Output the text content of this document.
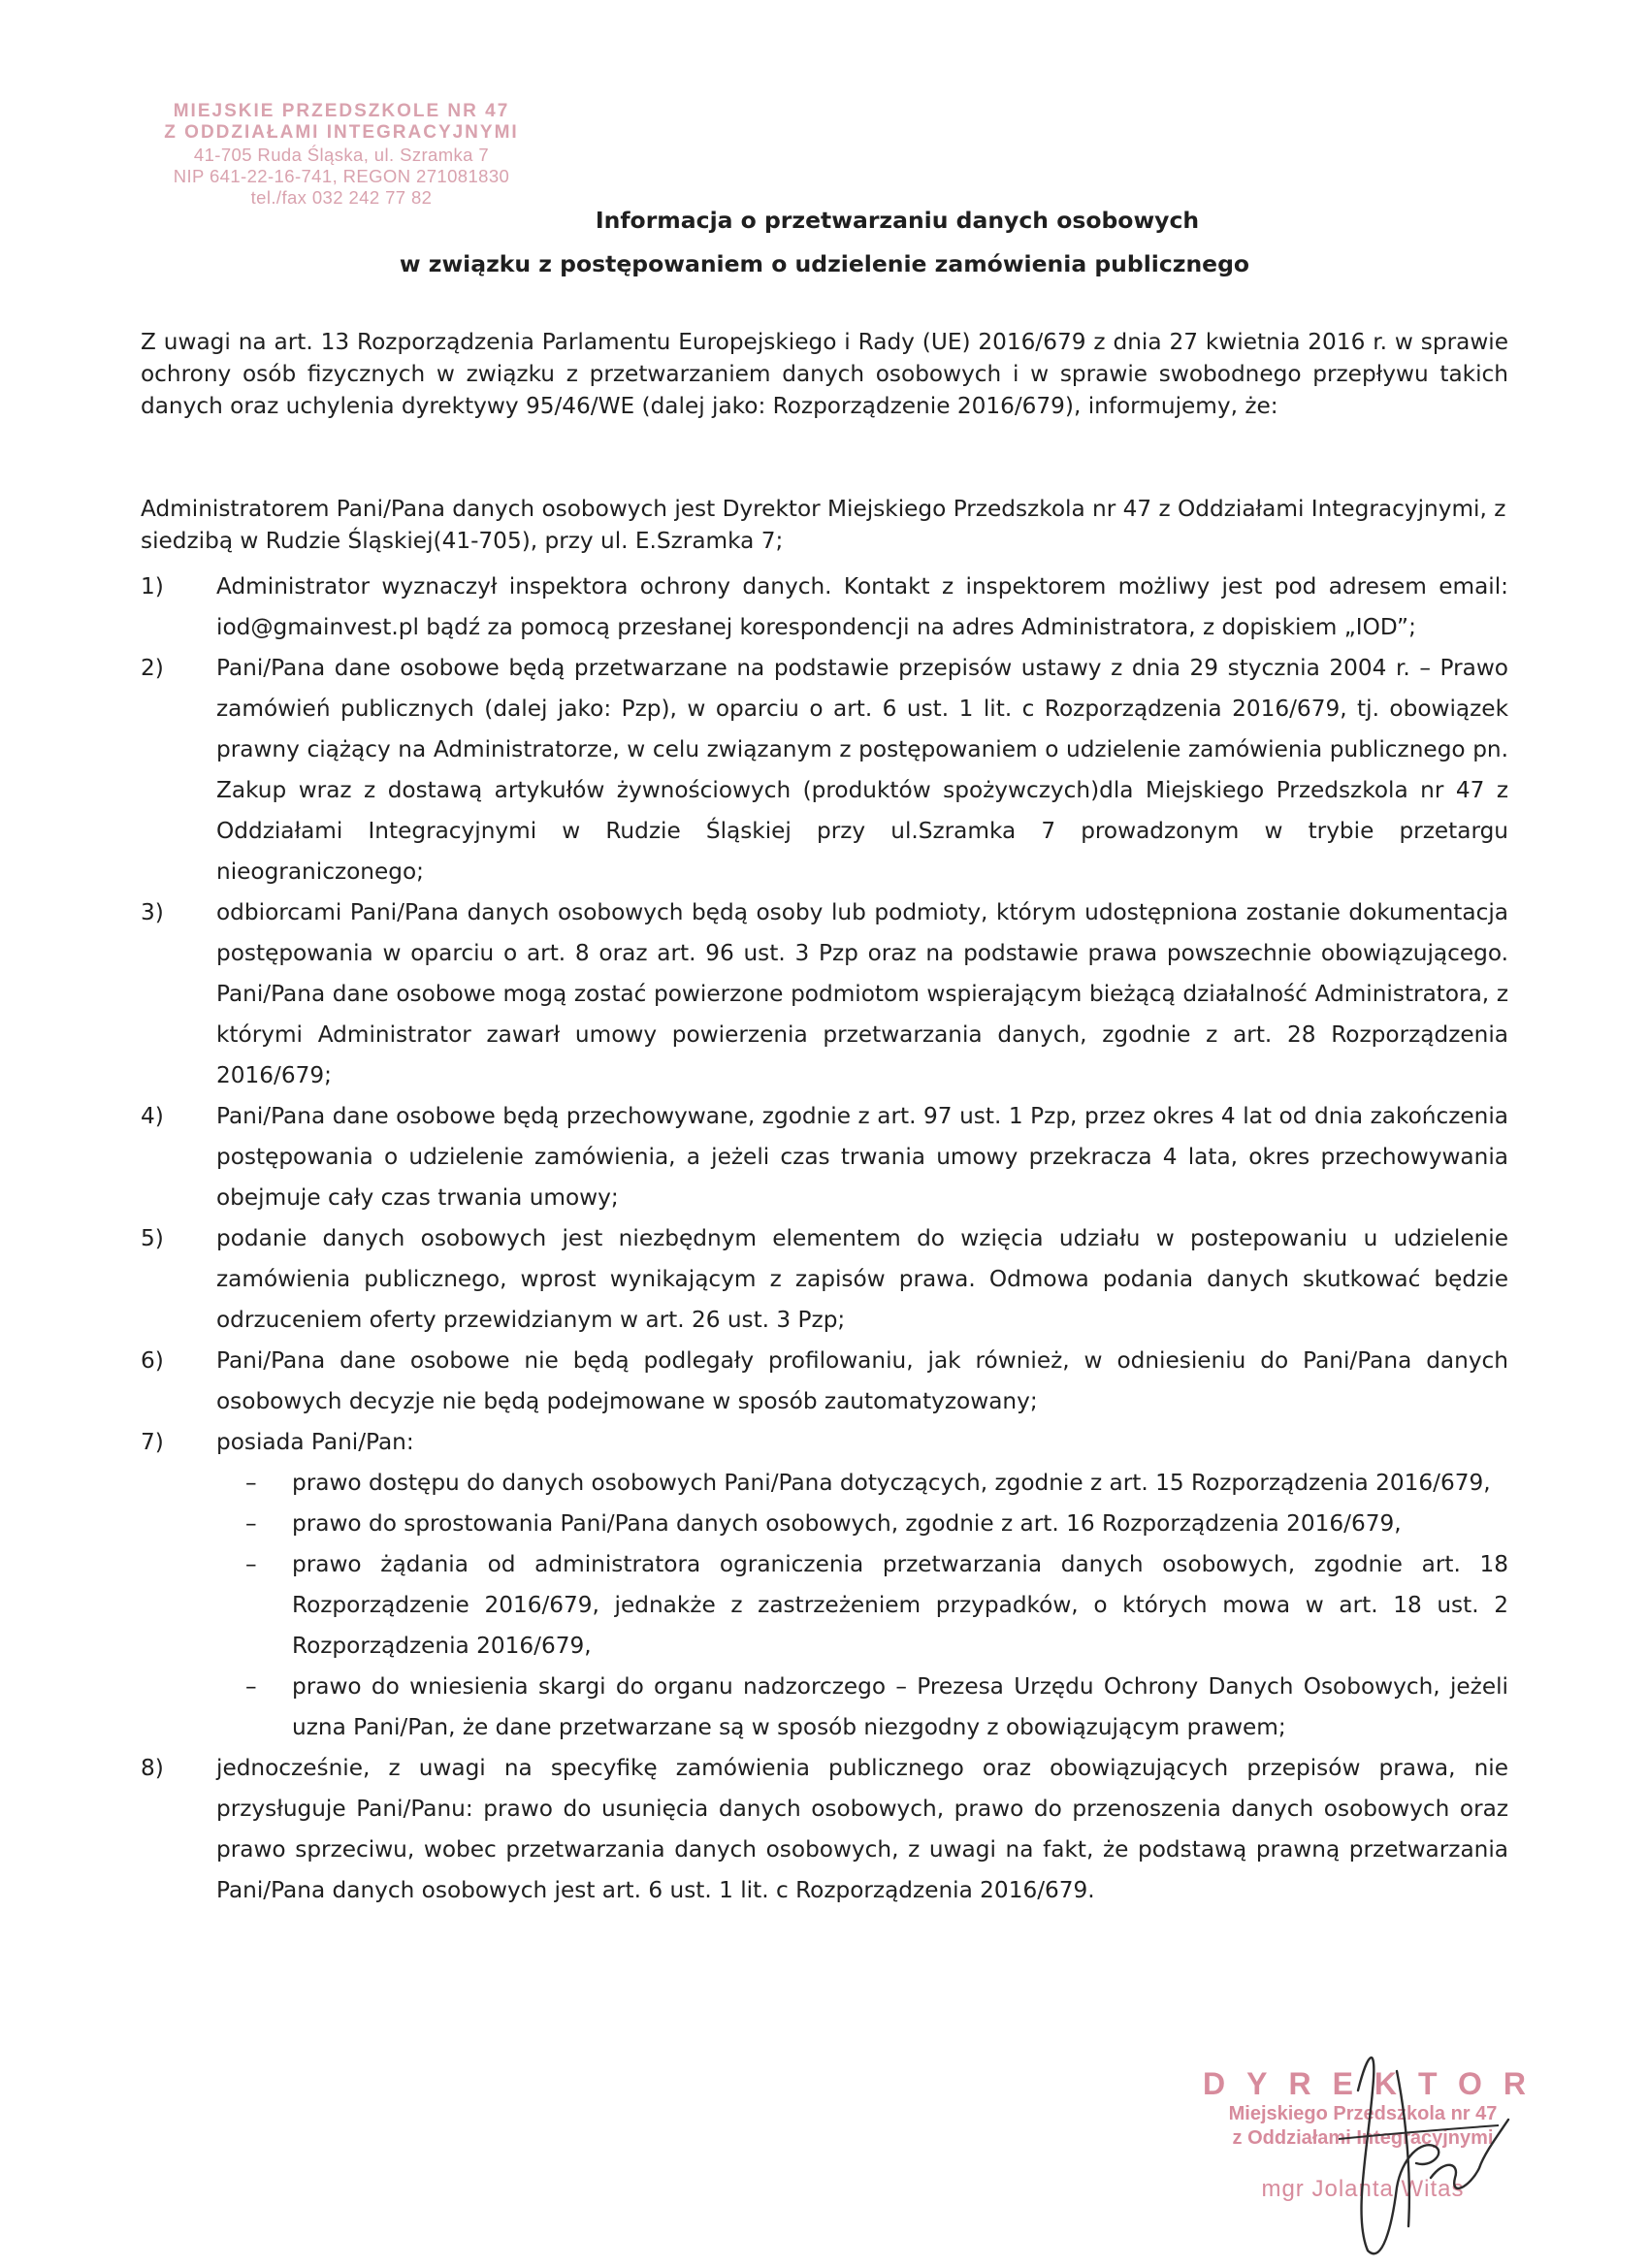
MIEJSKIE PRZEDSZKOLE NR 47
Z ODDZIAŁAMI INTEGRACYJNYMI
41-705 Ruda Śląska, ul. Szramka 7
NIP 641-22-16-741, REGON 271081830
tel./fax 032 242 77 82
Informacja o przetwarzaniu danych osobowych
w związku z postępowaniem o udzielenie zamówienia publicznego
Z uwagi na art. 13 Rozporządzenia Parlamentu Europejskiego i Rady (UE) 2016/679 z dnia 27 kwietnia 2016 r. w sprawie ochrony osób fizycznych w związku z przetwarzaniem danych osobowych i w sprawie swobodnego przepływu takich danych oraz uchylenia dyrektywy 95/46/WE (dalej jako: Rozporządzenie 2016/679), informujemy, że:
Administratorem Pani/Pana danych osobowych jest Dyrektor Miejskiego Przedszkola nr 47 z Oddziałami Integracyjnymi, z siedzibą w Rudzie Śląskiej(41-705), przy ul. E.Szramka 7;
1) Administrator wyznaczył inspektora ochrony danych. Kontakt z inspektorem możliwy jest pod adresem email: iod@gmainvest.pl bądź za pomocą przesłanej korespondencji na adres Administratora, z dopiskiem „IOD”;
2) Pani/Pana dane osobowe będą przetwarzane na podstawie przepisów ustawy z dnia 29 stycznia 2004 r. – Prawo zamówień publicznych (dalej jako: Pzp), w oparciu o art. 6 ust. 1 lit. c Rozporządzenia 2016/679, tj. obowiązek prawny ciążący na Administratorze, w celu związanym z postępowaniem o udzielenie zamówienia publicznego pn. Zakup wraz z dostawą artykułów żywnościowych (produktów spożywczych)dla Miejskiego Przedszkola nr 47 z Oddziałami Integracyjnymi w Rudzie Śląskiej przy ul.Szramka 7 prowadzonym w trybie przetargu nieograniczonego;
3) odbiorcami Pani/Pana danych osobowych będą osoby lub podmioty, którym udostępniona zostanie dokumentacja postępowania w oparciu o art. 8 oraz art. 96 ust. 3 Pzp oraz na podstawie prawa powszechnie obowiązującego. Pani/Pana dane osobowe mogą zostać powierzone podmiotom wspierającym bieżącą działalność Administratora, z którymi Administrator zawarł umowy powierzenia przetwarzania danych, zgodnie z art. 28 Rozporządzenia 2016/679;
4) Pani/Pana dane osobowe będą przechowywane, zgodnie z art. 97 ust. 1 Pzp, przez okres 4 lat od dnia zakończenia postępowania o udzielenie zamówienia, a jeżeli czas trwania umowy przekracza 4 lata, okres przechowywania obejmuje cały czas trwania umowy;
5) podanie danych osobowych jest niezbędnym elementem do wzięcia udziału w postepowaniu u udzielenie zamówienia publicznego, wprost wynikającym z zapisów prawa. Odmowa podania danych skutkować będzie odrzuceniem oferty przewidzianym w art. 26 ust. 3 Pzp;
6) Pani/Pana dane osobowe nie będą podlegały profilowaniu, jak również, w odniesieniu do Pani/Pana danych osobowych decyzje nie będą podejmowane w sposób zautomatyzowany;
7) posiada Pani/Pan:
– prawo dostępu do danych osobowych Pani/Pana dotyczących, zgodnie z art. 15 Rozporządzenia 2016/679,
– prawo do sprostowania Pani/Pana danych osobowych, zgodnie z art. 16 Rozporządzenia 2016/679,
– prawo żądania od administratora ograniczenia przetwarzania danych osobowych, zgodnie art. 18 Rozporządzenie 2016/679, jednakże z zastrzeżeniem przypadków, o których mowa w art. 18 ust. 2 Rozporządzenia 2016/679,
– prawo do wniesienia skargi do organu nadzorczego – Prezesa Urzędu Ochrony Danych Osobowych, jeżeli uzna Pani/Pan, że dane przetwarzane są w sposób niezgodny z obowiązującym prawem;
8) jednocześnie, z uwagi na specyfikę zamówienia publicznego oraz obowiązujących przepisów prawa, nie przysługuje Pani/Panu: prawo do usunięcia danych osobowych, prawo do przenoszenia danych osobowych oraz prawo sprzeciwu, wobec przetwarzania danych osobowych, z uwagi na fakt, że podstawą prawną przetwarzania Pani/Pana danych osobowych jest art. 6 ust. 1 lit. c Rozporządzenia 2016/679.
DYREKTOR
Miejskiego Przedszkola nr 47
z Oddziałami Integracyjnymi
mgr Jolanta Witas
